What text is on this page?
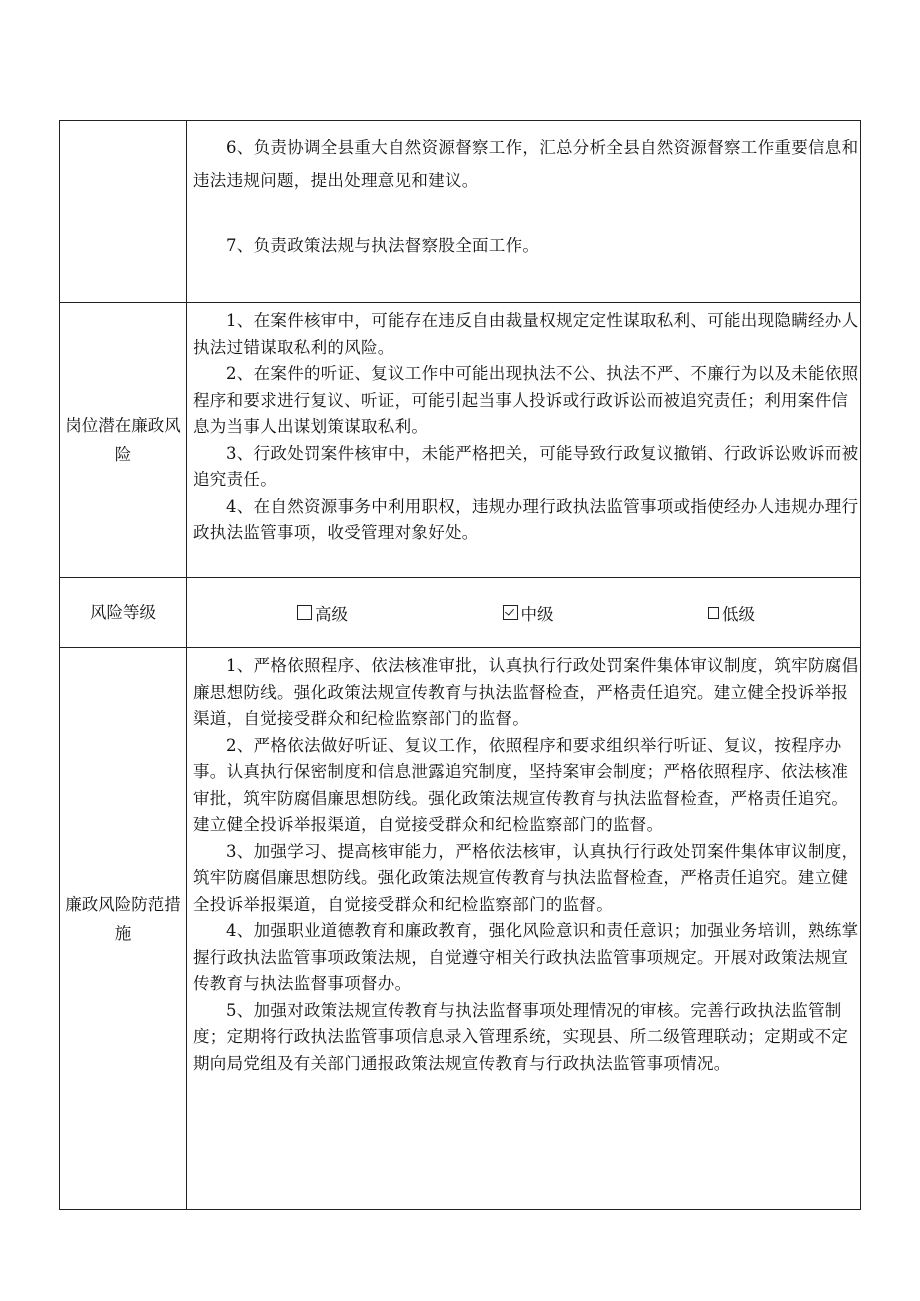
	6、负责协调全县重大自然资源督察工作，汇总分析全县自然资源督察工作重要信息和违法违规问题，提出处理意见和建议。

7、负责政策法规与执法督察股全面工作。

岗位潜在廉政风险	1、在案件核审中，可能存在违反自由裁量权规定定性谋取私利、可能出现隐瞒经办人执法过错谋取私利的风险。

2、在案件的听证、复议工作中可能出现执法不公、执法不严、不廉行为以及未能依照程序和要求进行复议、听证，可能引起当事人投诉或行政诉讼而被追究责任；利用案件信息为当事人出谋划策谋取私利。

3、行政处罚案件核审中，未能严格把关，可能导致行政复议撤销、行政诉讼败诉而被追究责任。

4、在自然资源事务中利用职权，违规办理行政执法监管事项或指使经办人违规办理行政执法监管事项，收受管理对象好处。

风险等级	高级 中级 低级

廉政风险防范措施	1、严格依照程序、依法核准审批，认真执行行政处罚案件集体审议制度，筑牢防腐倡廉思想防线。强化政策法规宣传教育与执法监督检查，严格责任追究。建立健全投诉举报渠道，自觉接受群众和纪检监察部门的监督。

2、严格依法做好听证、复议工作，依照程序和要求组织举行听证、复议，按程序办事。认真执行保密制度和信息泄露追究制度，坚持案审会制度；严格依照程序、依法核准审批，筑牢防腐倡廉思想防线。强化政策法规宣传教育与执法监督检查，严格责任追究。建立健全投诉举报渠道，自觉接受群众和纪检监察部门的监督。

3、加强学习、提高核审能力，严格依法核审，认真执行行政处罚案件集体审议制度，筑牢防腐倡廉思想防线。强化政策法规宣传教育与执法监督检查，严格责任追究。建立健全投诉举报渠道，自觉接受群众和纪检监察部门的监督。

4、加强职业道德教育和廉政教育，强化风险意识和责任意识；加强业务培训，熟练掌握行政执法监管事项政策法规，自觉遵守相关行政执法监管事项规定。开展对政策法规宣传教育与执法监督事项督办。

5、加强对政策法规宣传教育与执法监督事项处理情况的审核。完善行政执法监管制度；定期将行政执法监管事项信息录入管理系统，实现县、所二级管理联动；定期或不定期向局党组及有关部门通报政策法规宣传教育与行政执法监管事项情况。
